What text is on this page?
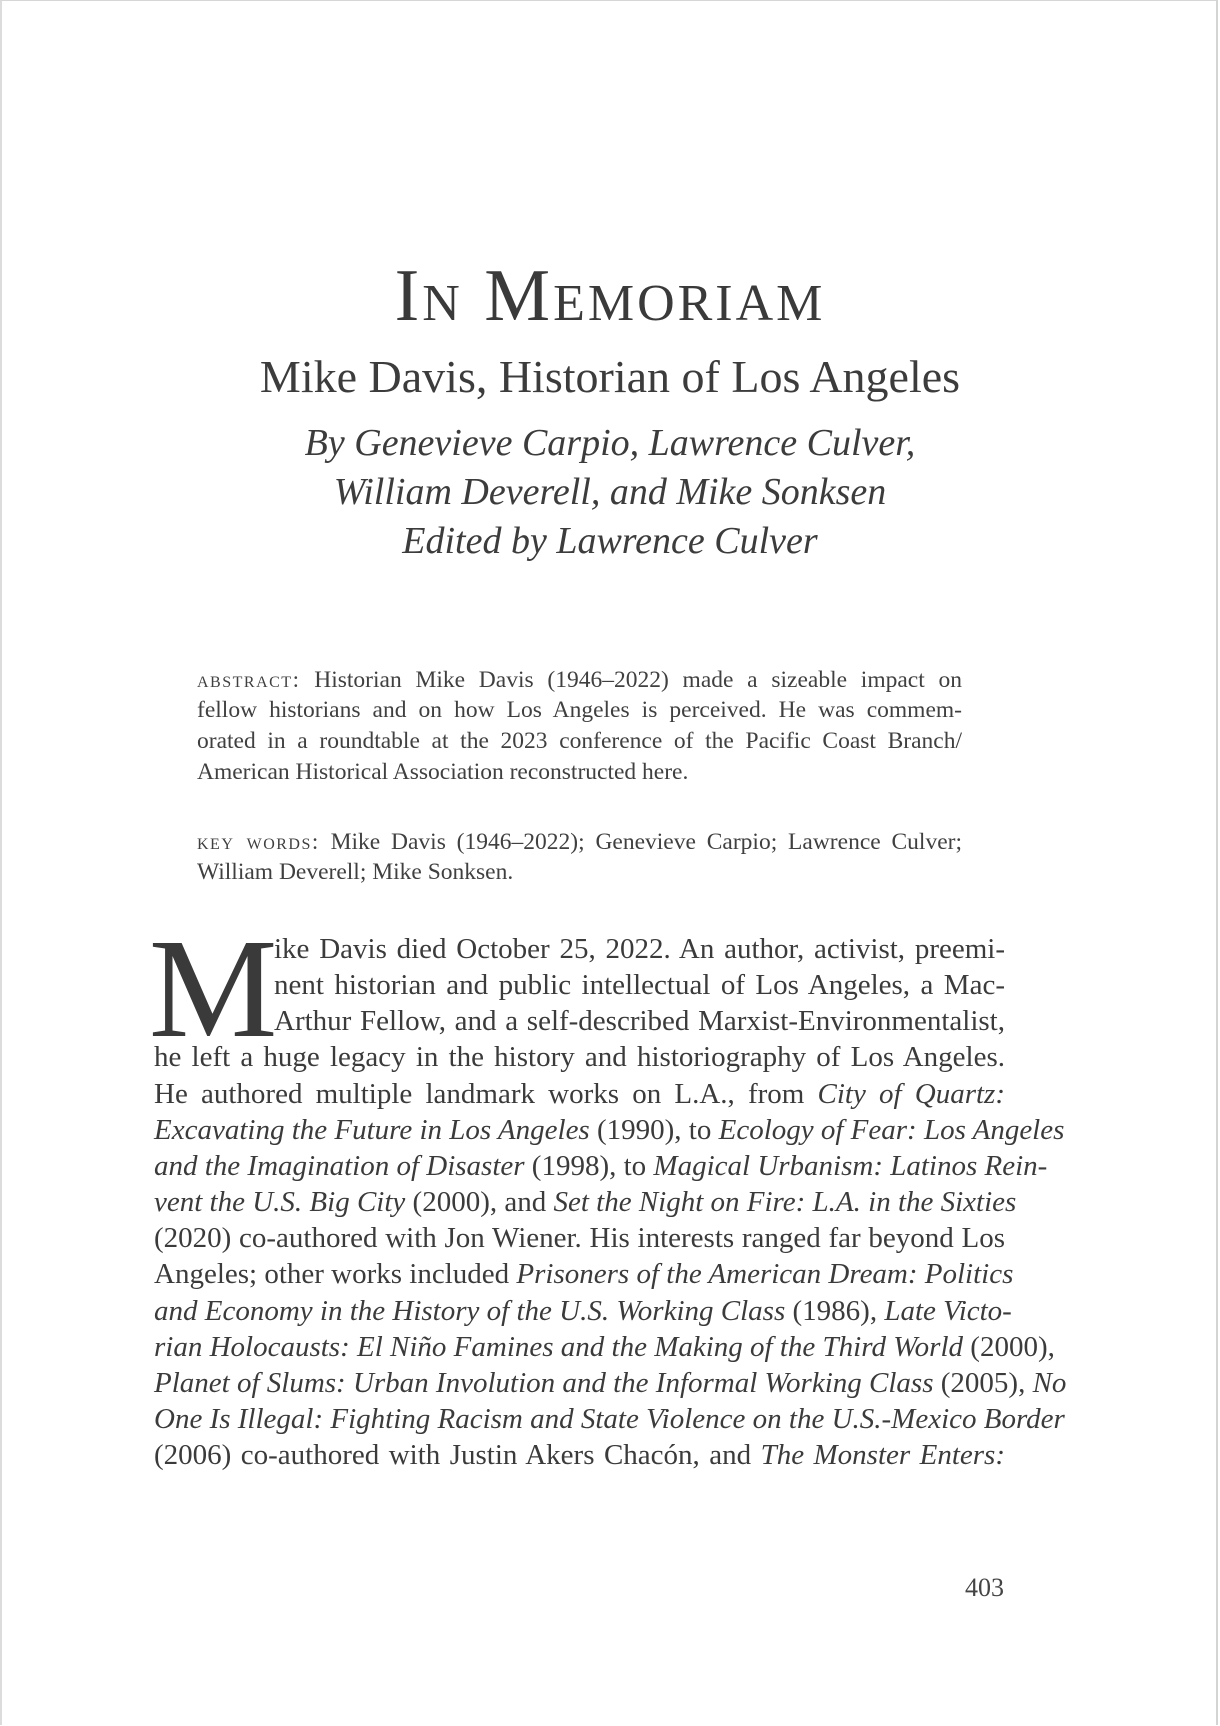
In Memoriam
Mike Davis, Historian of Los Angeles
By Genevieve Carpio, Lawrence Culver,
William Deverell, and Mike Sonksen
Edited by Lawrence Culver
abstract: Historian Mike Davis (1946–2022) made a sizeable impact on
fellow historians and on how Los Angeles is perceived. He was commem-
orated in a roundtable at the 2023 conference of the Pacific Coast Branch/
American Historical Association reconstructed here.
key words: Mike Davis (1946–2022); Genevieve Carpio; Lawrence Culver;
William Deverell; Mike Sonksen.
M
ike Davis died October 25, 2022. An author, activist, preemi-
nent historian and public intellectual of Los Angeles, a Mac-
Arthur Fellow, and a self-described Marxist-Environmentalist,
he left a huge legacy in the history and historiography of Los Angeles.
He authored multiple landmark works on L.A., from City of Quartz:
Excavating the Future in Los Angeles (1990), to Ecology of Fear: Los Angeles
and the Imagination of Disaster (1998), to Magical Urbanism: Latinos Rein-
vent the U.S. Big City (2000), and Set the Night on Fire: L.A. in the Sixties
(2020) co-authored with Jon Wiener. His interests ranged far beyond Los
Angeles; other works included Prisoners of the American Dream: Politics
and Economy in the History of the U.S. Working Class (1986), Late Victo-
rian Holocausts: El Niño Famines and the Making of the Third World (2000),
Planet of Slums: Urban Involution and the Informal Working Class (2005), No
One Is Illegal: Fighting Racism and State Violence on the U.S.-Mexico Border
(2006) co-authored with Justin Akers Chacón, and The Monster Enters:
403
